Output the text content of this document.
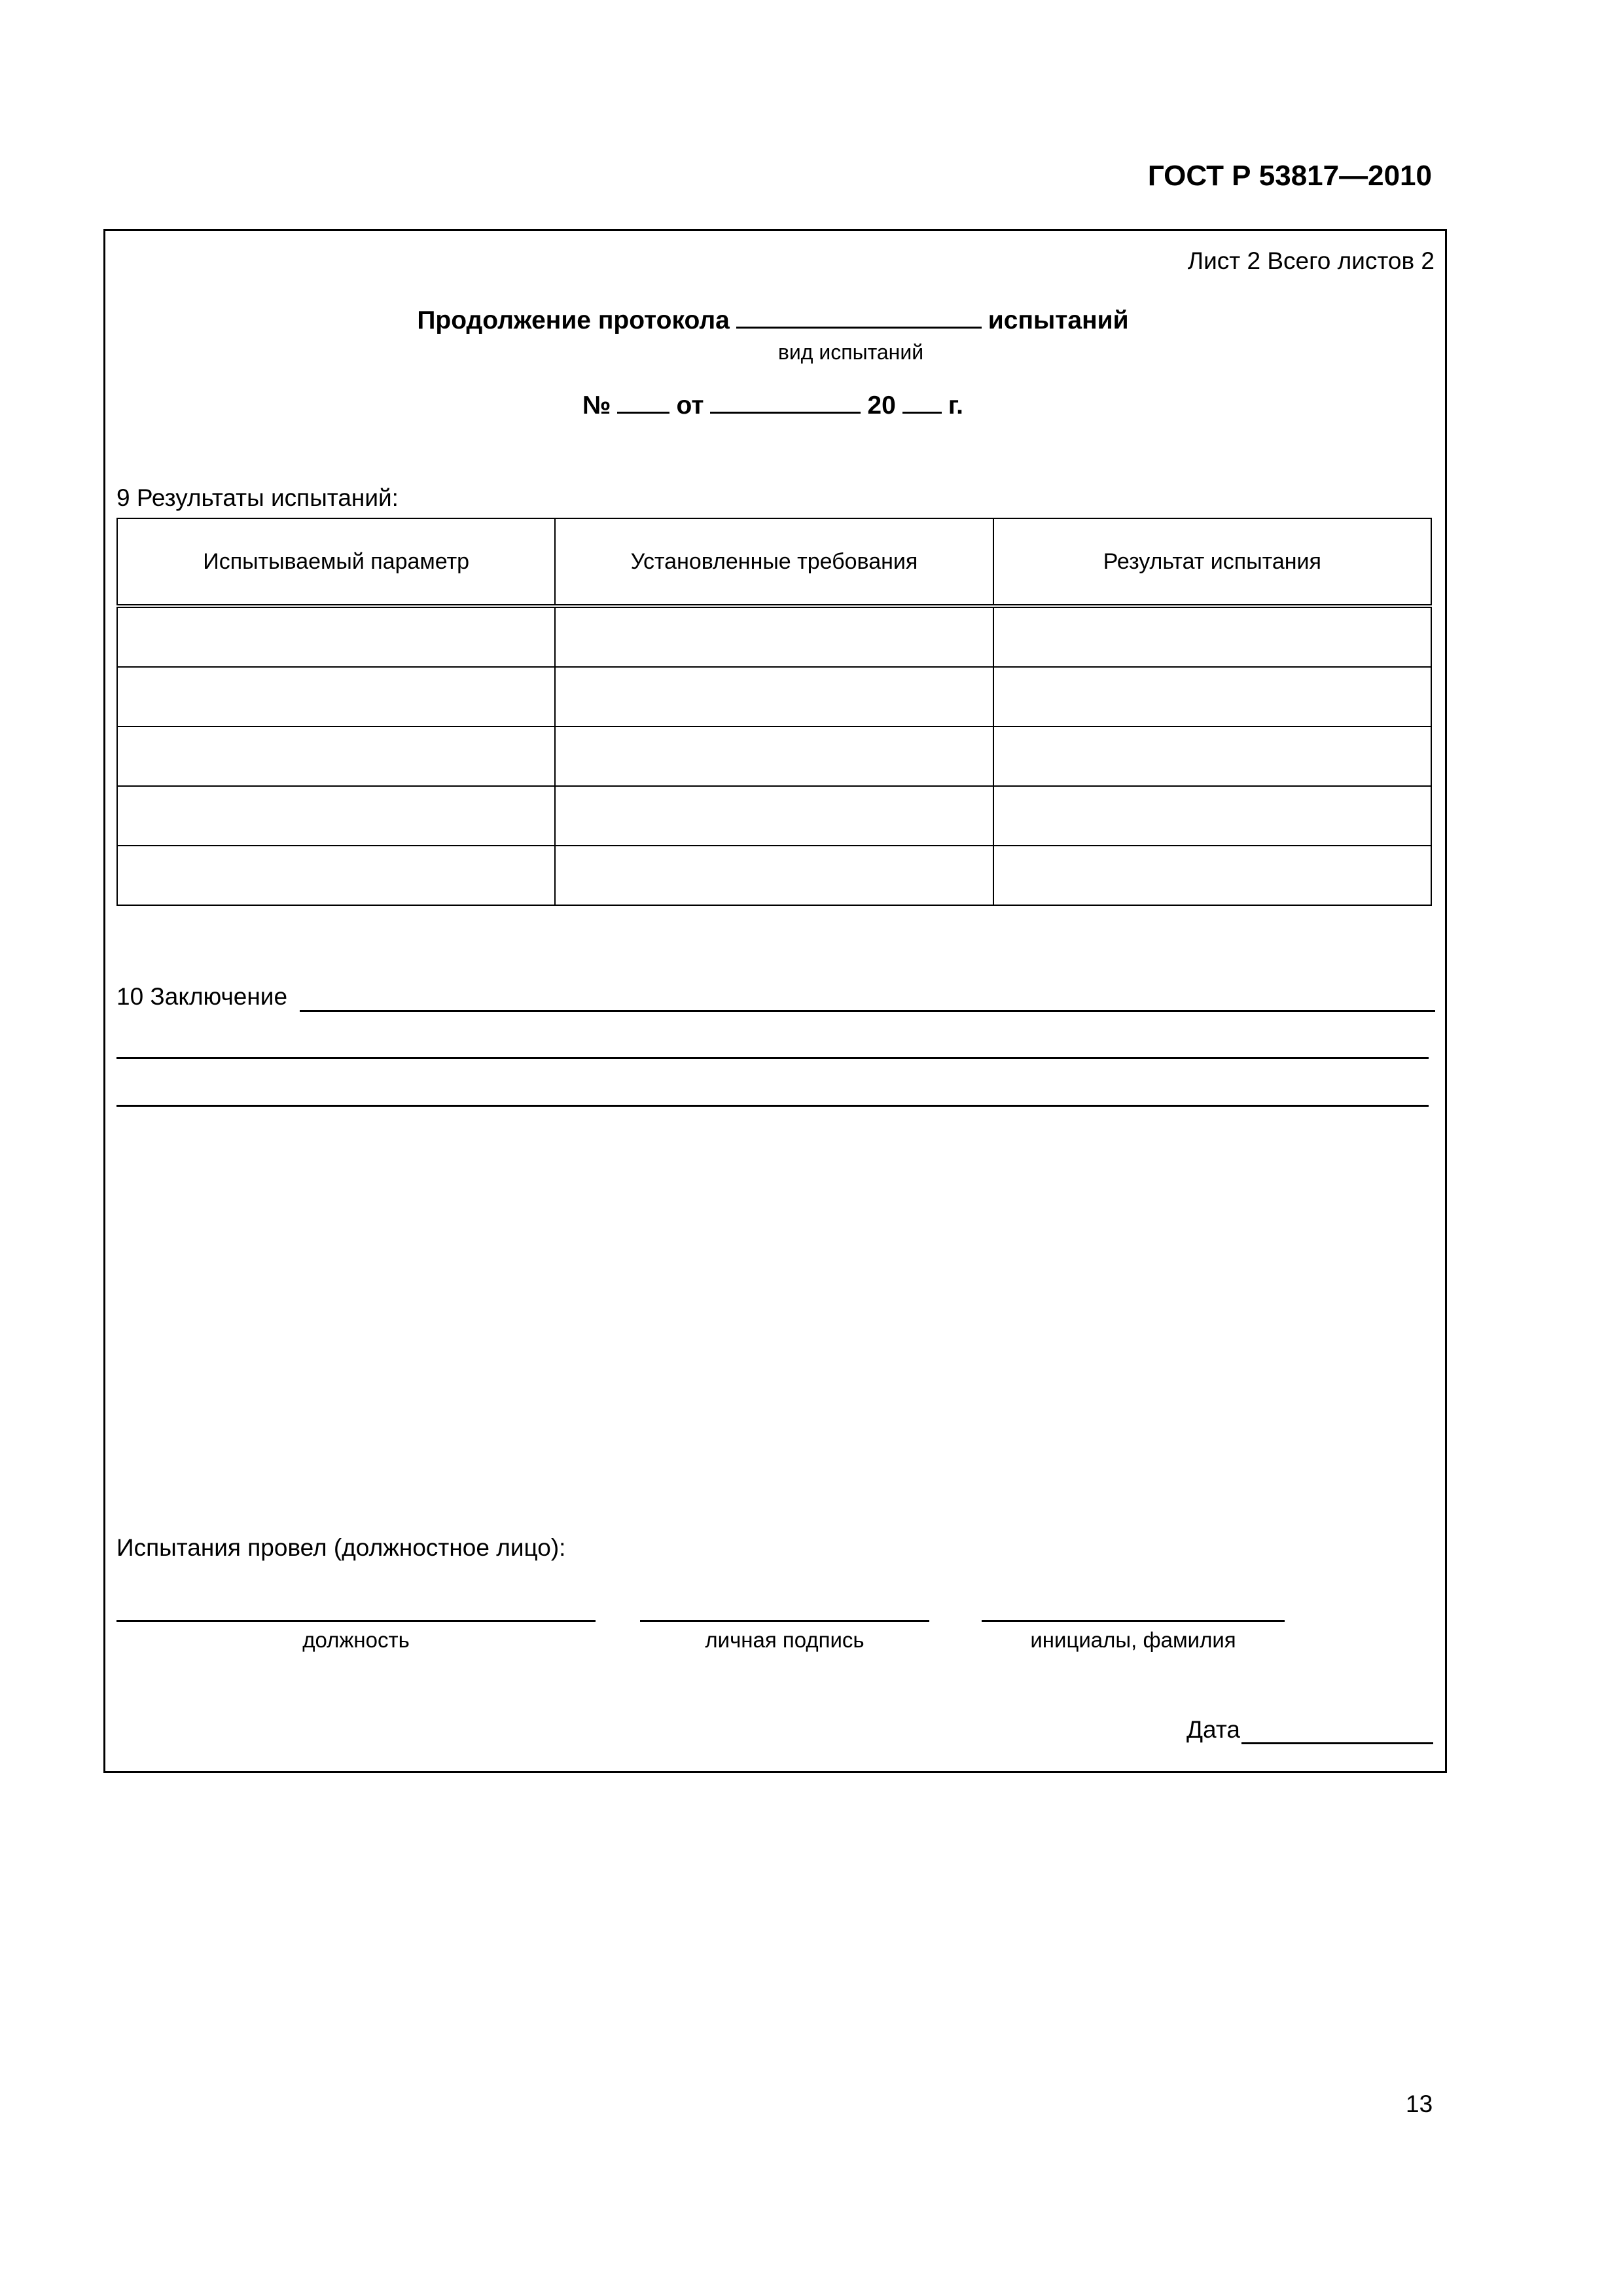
ГОСТ Р 53817—2010
Лист 2 Всего листов 2
Продолжение протокола	испытаний
вид испытаний
№	от	20 г.
9 Результаты испытаний:
Испытываемый параметр	Установленные требования	Результат испытания

10 Заключение
Испытания провел (должностное лицо):
должность	личная подпись	инициалы, фамилия
Дата
13
